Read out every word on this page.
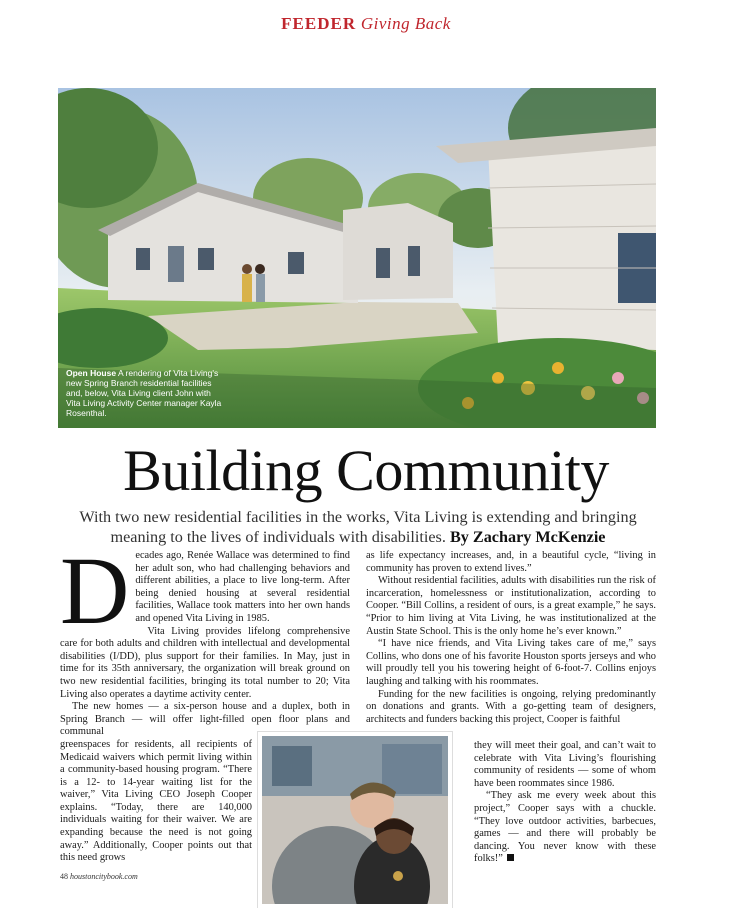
FEEDER Giving Back
Open House A rendering of Vita Living's new Spring Branch residential facilities and, below, Vita Living client John with Vita Living Activity Center manager Kayla Rosenthal.
Building Community
With two new residential facilities in the works, Vita Living is extending and bringing meaning to the lives of individuals with disabilities. By Zachary McKenzie

Decades ago, Renée Wallace was determined to find her adult son, who had challenging behaviors and different abilities, a place to live long-term. After being denied housing at several residential facilities, Wallace took matters into her own hands and opened Vita Living in 1985.

Vita Living provides lifelong comprehensive care for both adults and children with intellectual and developmental disabilities (I/DD), plus support for their families. In May, just in time for its 35th anniversary, the organization will break ground on two new residential facilities, bringing its total number to 20; Vita Living also operates a daytime activity center.

The new homes — a six-person house and a duplex, both in Spring Branch — will offer light-filled open floor plans and communal

greenspaces for residents, all recipients of Medicaid waivers which permit living within a community-based housing program. “There is a 12- to 14-year waiting list for the waiver,” Vita Living CEO Joseph Cooper explains. “Today, there are 140,000 individuals waiting for their waiver. We are expanding because the need is not going away.” Additionally, Cooper points out that this need grows

as life expectancy increases, and, in a beautiful cycle, “living in community has proven to extend lives.”

Without residential facilities, adults with disabilities run the risk of incarceration, homelessness or institutionalization, according to Cooper. “Bill Collins, a resident of ours, is a great example,” he says. “Prior to him living at Vita Living, he was institutionalized at the Austin State School. This is the only home he’s ever known.”

“I have nice friends, and Vita Living takes care of me,” says Collins, who dons one of his favorite Houston sports jerseys and who will proudly tell you his towering height of 6-foot-7. Collins enjoys laughing and talking with his roommates.

Funding for the new facilities is ongoing, relying predominantly on donations and grants. With a go-getting team of designers, architects and funders backing this project, Cooper is faithful

they will meet their goal, and can’t wait to celebrate with Vita Living’s flourishing community of residents — some of whom have been roommates since 1986.

“They ask me every week about this project,” Cooper says with a chuckle. “They love outdoor activities, barbecues, games — and there will probably be dancing. You never know with these folks!”

48 houstoncitybook.com
